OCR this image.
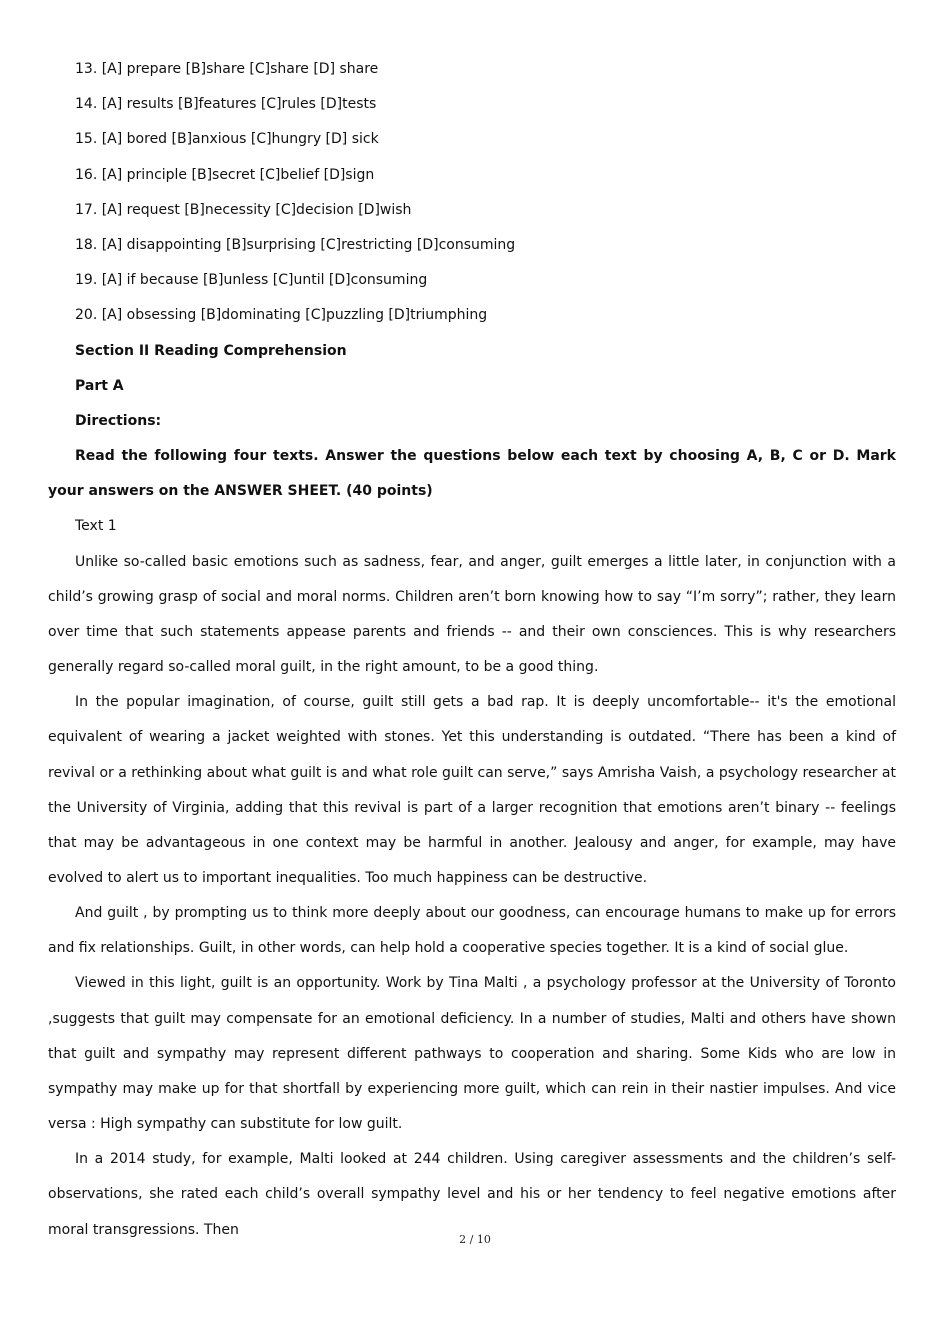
13. [A] prepare [B]share [C]share [D] share
14. [A] results [B]features [C]rules [D]tests
15. [A] bored [B]anxious [C]hungry [D] sick
16. [A] principle [B]secret [C]belief [D]sign
17. [A] request [B]necessity [C]decision [D]wish
18. [A] disappointing [B]surprising [C]restricting [D]consuming
19. [A] if because [B]unless [C]until [D]consuming
20. [A] obsessing [B]dominating [C]puzzling [D]triumphing
Section II Reading Comprehension
Part A
Directions:

Read the following four texts. Answer the questions below each text by choosing A, B, C or D. Mark your answers on the ANSWER SHEET. (40 points)

Text 1

Unlike so-called basic emotions such as sadness, fear, and anger, guilt emerges a little later, in conjunction with a child’s growing grasp of social and moral norms. Children aren’t born knowing how to say “I’m sorry”; rather, they learn over time that such statements appease parents and friends -- and their own consciences. This is why researchers generally regard so-called moral guilt, in the right amount, to be a good thing.

In the popular imagination, of course, guilt still gets a bad rap. It is deeply uncomfortable-- it's the emotional equivalent of wearing a jacket weighted with stones. Yet this understanding is outdated. “There has been a kind of revival or a rethinking about what guilt is and what role guilt can serve,” says Amrisha Vaish, a psychology researcher at the University of Virginia, adding that this revival is part of a larger recognition that emotions aren’t binary -- feelings that may be advantageous in one context may be harmful in another. Jealousy and anger, for example, may have evolved to alert us to important inequalities. Too much happiness can be destructive.

And guilt , by prompting us to think more deeply about our goodness, can encourage humans to make up for errors and fix relationships. Guilt, in other words, can help hold a cooperative species together. It is a kind of social glue.

Viewed in this light, guilt is an opportunity. Work by Tina Malti , a psychology professor at the University of Toronto ,suggests that guilt may compensate for an emotional deficiency. In a number of studies, Malti and others have shown that guilt and sympathy may represent different pathways to cooperation and sharing. Some Kids who are low in sympathy may make up for that shortfall by experiencing more guilt, which can rein in their nastier impulses. And vice versa : High sympathy can substitute for low guilt.

In a 2014 study, for example, Malti looked at 244 children. Using caregiver assessments and the children’s self-observations, she rated each child’s overall sympathy level and his or her tendency to feel negative emotions after moral transgressions. Then

2 / 10
